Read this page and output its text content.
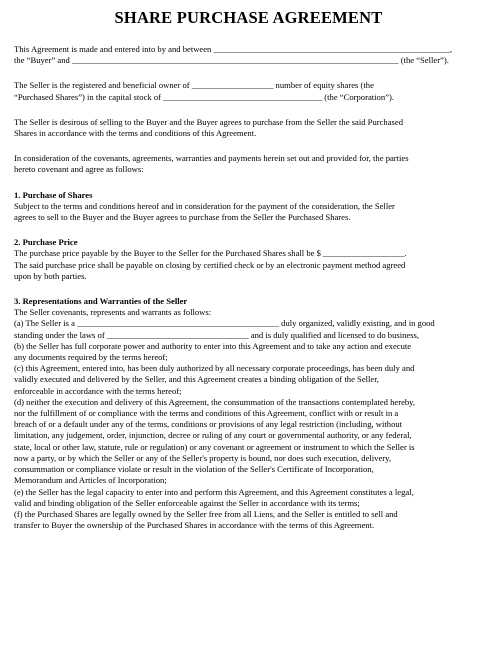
SHARE PURCHASE AGREEMENT

This Agreement is made and entered into by and between _______________________________________________________,

the “Buyer” and ____________________________________________________________________________ (the “Seller”).

The Seller is the registered and beneficial owner of ___________________ number of equity shares (the

“Purchased Shares”) in the capital stock of _____________________________________ (the “Corporation”).

The Seller is desirous of selling to the Buyer and the Buyer agrees to purchase from the Seller the said Purchased

Shares in accordance with the terms and conditions of this Agreement.

In consideration of the covenants, agreements, warranties and payments herein set out and provided for, the parties

hereto covenant and agree as follows:

1. Purchase of Shares

Subject to the terms and conditions hereof and in consideration for the payment of the consideration, the Seller

agrees to sell to the Buyer and the Buyer agrees to purchase from the Seller the Purchased Shares.

2. Purchase Price

The purchase price payable by the Buyer to the Seller for the Purchased Shares shall be $ ___________________.

The said purchase price shall be payable on closing by certified check or by an electronic payment method agreed

upon by both parties.

3. Representations and Warranties of the Seller

The Seller covenants, represents and warrants as follows:

(a) The Seller is a _______________________________________________ duly organized, validly existing, and in good

standing under the laws of _________________________________ and is duly qualified and licensed to do business,

(b) the Seller has full corporate power and authority to enter into this Agreement and to take any action and execute

any documents required by the terms hereof;

(c) this Agreement, entered into, has been duly authorized by all necessary corporate proceedings, has been duly and

validly executed and delivered by the Seller, and this Agreement creates a binding obligation of the Seller,

enforceable in accordance with the terms hereof;

(d) neither the execution and delivery of this Agreement, the consummation of the transactions contemplated hereby,

nor the fulfillment of or compliance with the terms and conditions of this Agreement, conflict with or result in a

breach of or a default under any of the terms, conditions or provisions of any legal restriction (including, without

limitation, any judgement, order, injunction, decree or ruling of any court or governmental authority, or any federal,

state, local or other law, statute, rule or regulation) or any covenant or agreement or instrument to which the Seller is

now a party, or by which the Seller or any of the Seller's property is bound, nor does such execution, delivery,

consummation or compliance violate or result in the violation of the Seller's Certificate of Incorporation,

Memorandum and Articles of Incorporation;

(e) the Seller has the legal capacity to enter into and perform this Agreement, and this Agreement constitutes a legal,

valid and binding obligation of the Seller enforceable against the Seller in accordance with its terms;

(f) the Purchased Shares are legally owned by the Seller free from all Liens, and the Seller is entitled to sell and

transfer to Buyer the ownership of the Purchased Shares in accordance with the terms of this Agreement.
